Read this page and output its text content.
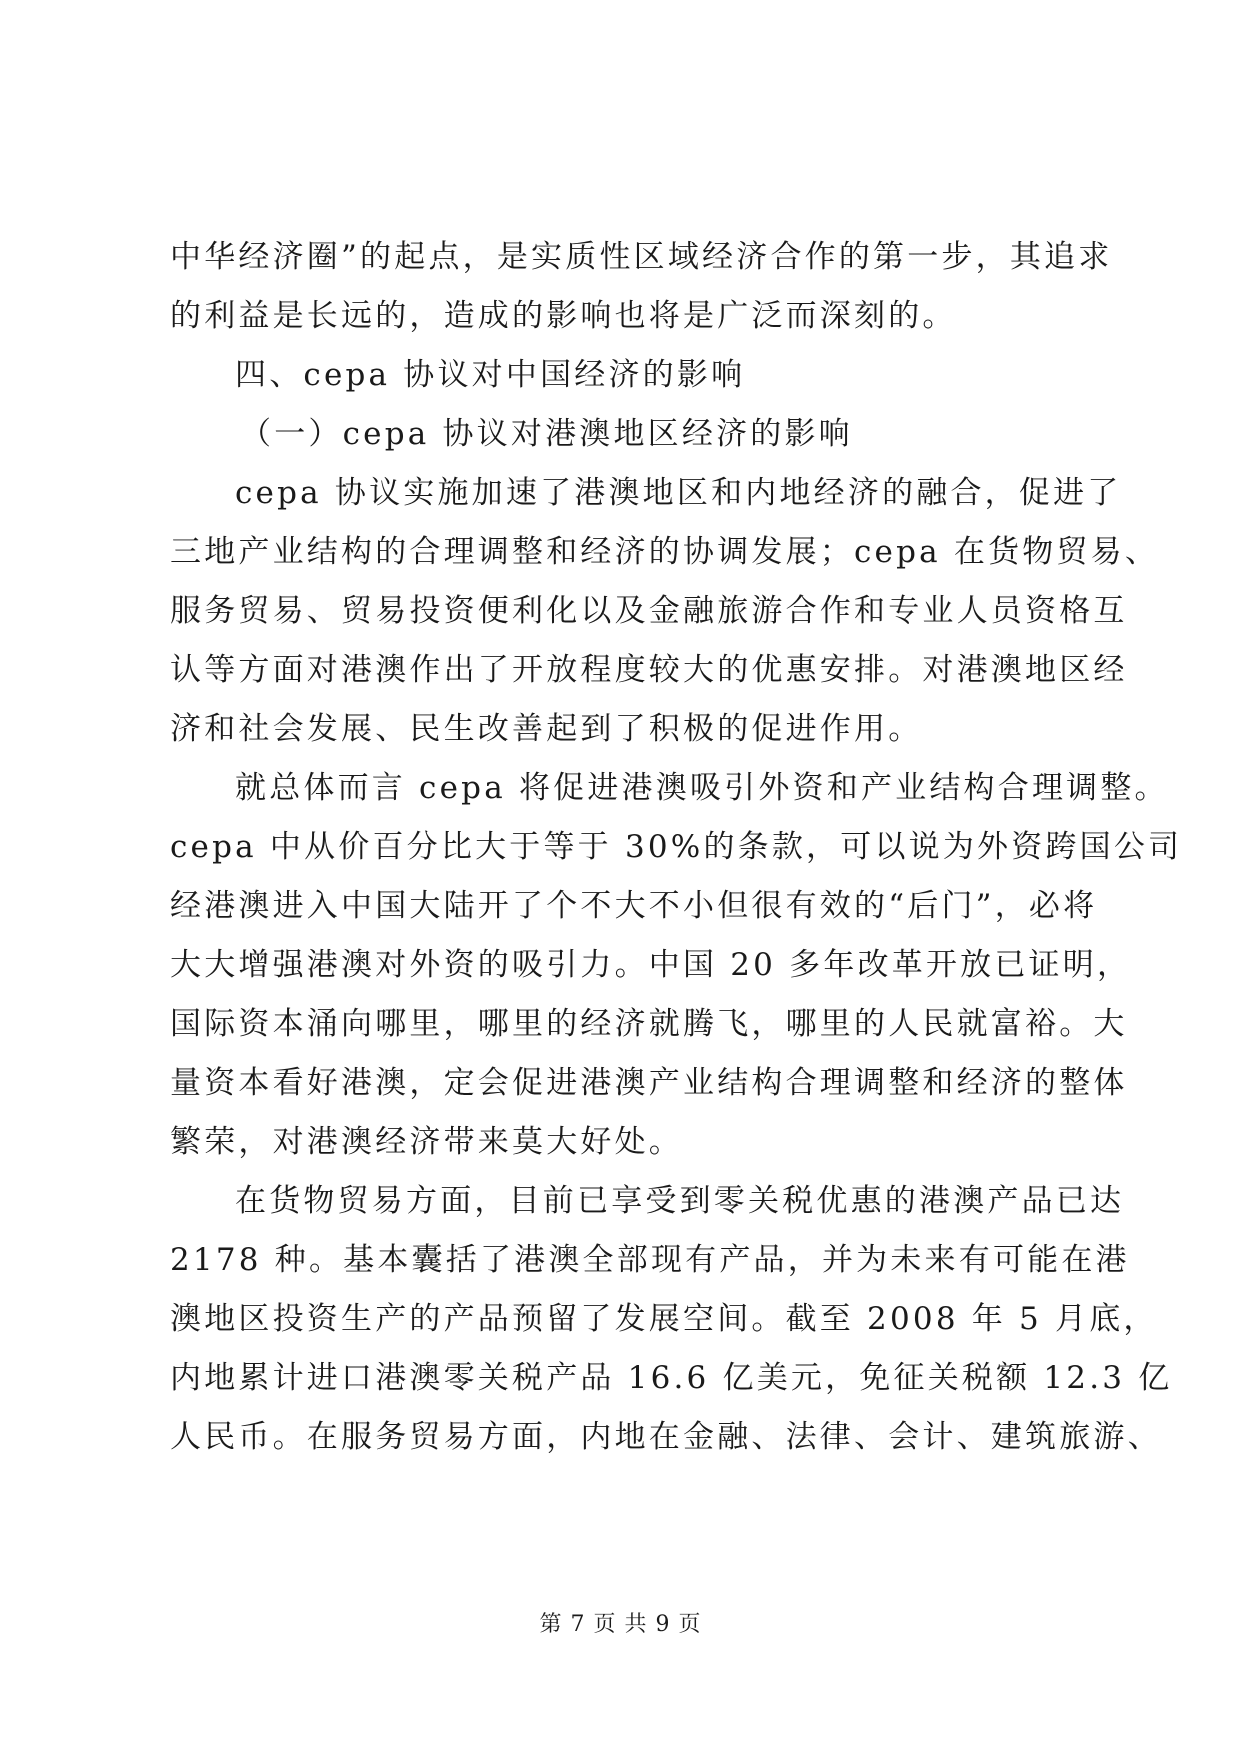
中华经济圈”的起点，是实质性区域经济合作的第一步，其追求
的利益是长远的，造成的影响也将是广泛而深刻的。
四、cepa 协议对中国经济的影响
（一）cepa 协议对港澳地区经济的影响
cepa 协议实施加速了港澳地区和内地经济的融合，促进了
三地产业结构的合理调整和经济的协调发展；cepa 在货物贸易、
服务贸易、贸易投资便利化以及金融旅游合作和专业人员资格互
认等方面对港澳作出了开放程度较大的优惠安排。对港澳地区经
济和社会发展、民生改善起到了积极的促进作用。
就总体而言 cepa 将促进港澳吸引外资和产业结构合理调整。
cepa 中从价百分比大于等于 30%的条款，可以说为外资跨国公司
经港澳进入中国大陆开了个不大不小但很有效的“后门”，必将
大大增强港澳对外资的吸引力。中国 20 多年改革开放已证明，
国际资本涌向哪里，哪里的经济就腾飞，哪里的人民就富裕。大
量资本看好港澳，定会促进港澳产业结构合理调整和经济的整体
繁荣，对港澳经济带来莫大好处。
在货物贸易方面，目前已享受到零关税优惠的港澳产品已达
2178 种。基本囊括了港澳全部现有产品，并为未来有可能在港
澳地区投资生产的产品预留了发展空间。截至 2008 年 5 月底，
内地累计进口港澳零关税产品 16.6 亿美元，免征关税额 12.3 亿
人民币。在服务贸易方面，内地在金融、法律、会计、建筑旅游、
第 7 页 共 9 页
